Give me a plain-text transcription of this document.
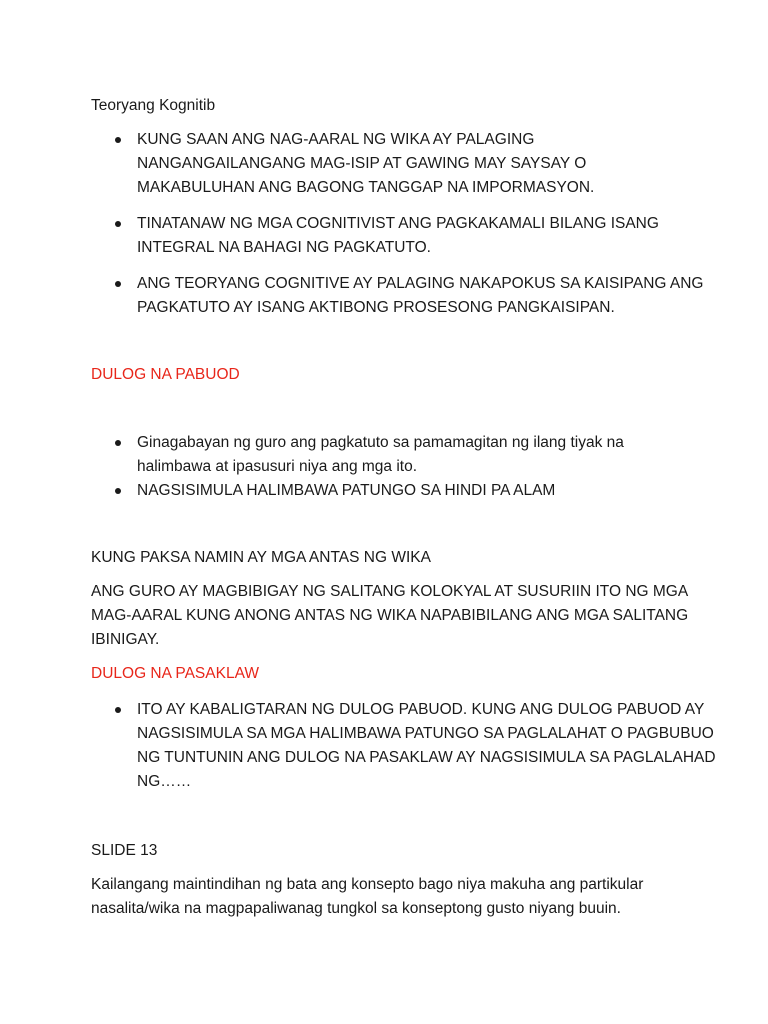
Teoryang Kognitib

KUNG SAAN ANG NAG-AARAL NG WIKA AY PALAGING NANGANGAILANGANG MAG-ISIP AT GAWING MAY SAYSAY O MAKABULUHAN ANG BAGONG TANGGAP NA IMPORMASYON.
TINATANAW NG MGA COGNITIVIST ANG PAGKAKAMALI BILANG ISANG INTEGRAL NA BAHAGI NG PAGKATUTO.
ANG TEORYANG COGNITIVE AY PALAGING NAKAPOKUS SA KAISIPANG ANG PAGKATUTO AY ISANG AKTIBONG PROSESONG PANGKAISIPAN.

DULOG NA PABUOD

Ginagabayan ng guro ang pagkatuto sa pamamagitan ng ilang tiyak na halimbawa at ipasusuri niya ang mga ito.
NAGSISIMULA HALIMBAWA PATUNGO SA HINDI PA ALAM

KUNG PAKSA NAMIN AY MGA ANTAS NG WIKA

ANG GURO AY MAGBIBIGAY NG SALITANG KOLOKYAL AT SUSURIIN ITO NG MGA MAG-AARAL KUNG ANONG ANTAS NG WIKA NAPABIBILANG ANG MGA SALITANG IBINIGAY.

DULOG NA PASAKLAW

ITO AY KABALIGTARAN NG DULOG PABUOD. KUNG ANG DULOG PABUOD AY NAGSISIMULA SA MGA HALIMBAWA PATUNGO SA PAGLALAHAT O PAGBUBUO NG TUNTUNIN ANG DULOG NA PASAKLAW AY NAGSISIMULA SA PAGLALAHAD NG……

SLIDE 13

Kailangang maintindihan ng bata ang konsepto bago niya makuha ang partikular nasalita/wika na magpapaliwanag tungkol sa konseptong gusto niyang buuin.
